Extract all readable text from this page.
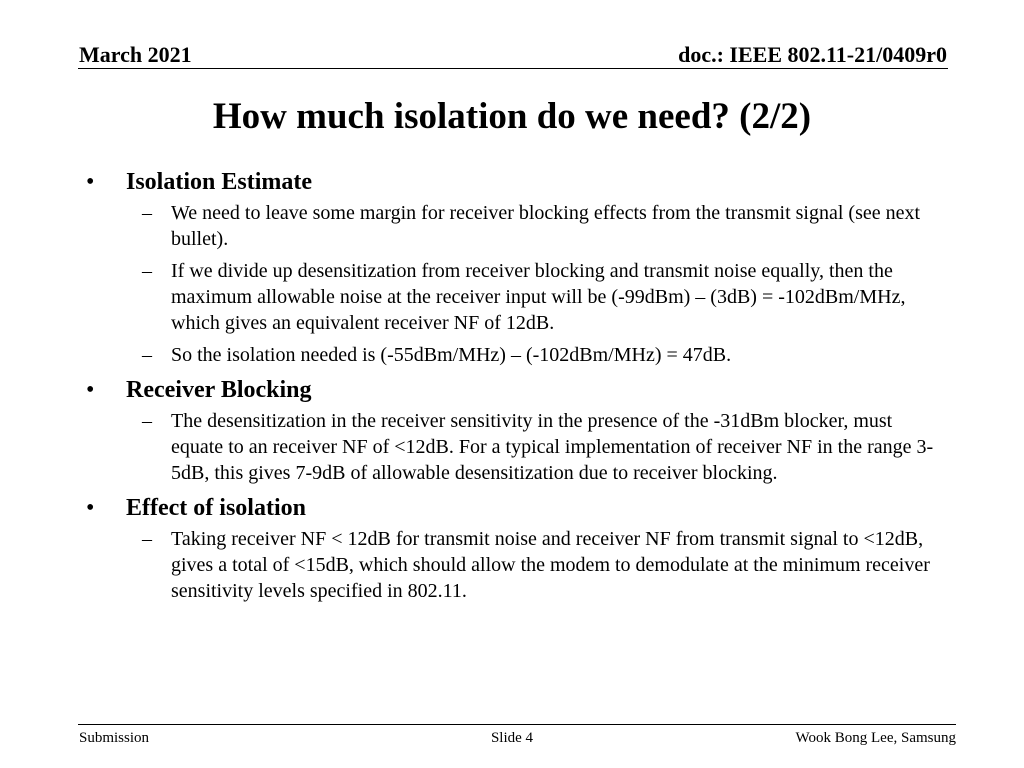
March 2021	doc.: IEEE 802.11-21/0409r0
How much isolation do we need? (2/2)
• Isolation Estimate
– We need to leave some margin for receiver blocking effects from the transmit signal (see next bullet).
– If we divide up desensitization from receiver blocking and transmit noise equally, then the maximum allowable noise at the receiver input will be (-99dBm) – (3dB) = -102dBm/MHz, which gives an equivalent receiver NF of 12dB.
– So the isolation needed is (-55dBm/MHz) – (-102dBm/MHz) = 47dB.
• Receiver Blocking
– The desensitization in the receiver sensitivity in the presence of the -31dBm blocker, must equate to an receiver NF of <12dB. For a typical implementation of receiver NF in the range 3-5dB, this gives 7-9dB of allowable desensitization due to receiver blocking.
• Effect of isolation
– Taking receiver NF < 12dB for transmit noise and receiver NF from transmit signal to <12dB, gives a total of <15dB, which should allow the modem to demodulate at the minimum receiver sensitivity levels specified in 802.11.
Submission	Slide 4	Wook Bong Lee, Samsung
